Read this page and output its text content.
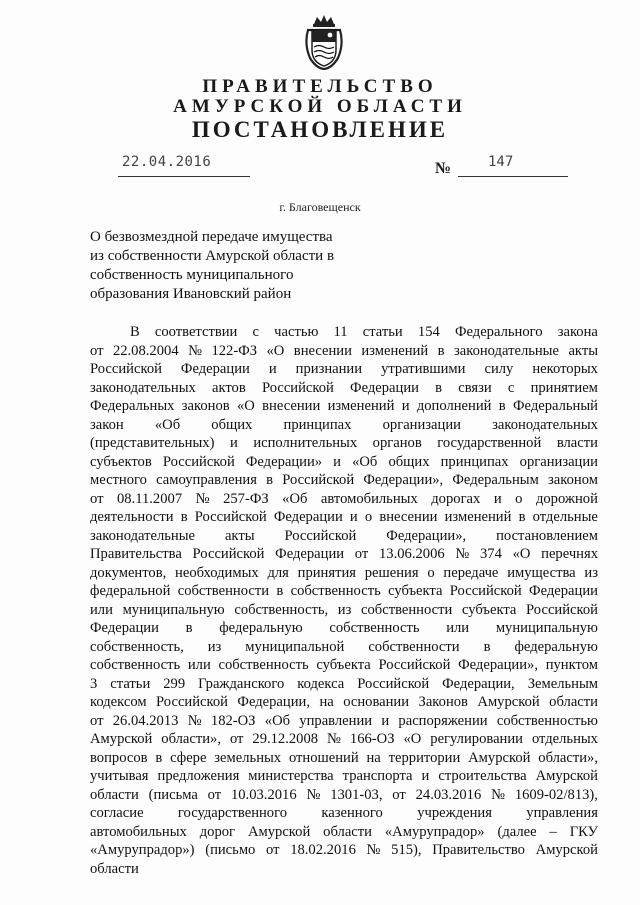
ПРАВИТЕЛЬСТВО
АМУРСКОЙ ОБЛАСТИ
ПОСТАНОВЛЕНИЕ
22.04.2016	№	147
г. Благовещенск
О безвозмездной передаче имущества
из собственности Амурской области в
собственность муниципального
образования Ивановский район
В соответствии с частью 11 статьи 154 Федерального закона
от 22.08.2004 № 122-ФЗ «О внесении изменений в законодательные акты
Российской Федерации и признании утратившими силу некоторых
законодательных актов Российской Федерации в связи с принятием
Федеральных законов «О внесении изменений и дополнений в Федеральный
закон «Об общих принципах организации законодательных
(представительных) и исполнительных органов государственной власти
субъектов Российской Федерации» и «Об общих принципах организации
местного самоуправления в Российской Федерации», Федеральным законом
от 08.11.2007 № 257-ФЗ «Об автомобильных дорогах и о дорожной
деятельности в Российской Федерации и о внесении изменений в отдельные
законодательные акты Российской Федерации», постановлением
Правительства Российской Федерации от 13.06.2006 № 374 «О перечнях
документов, необходимых для принятия решения о передаче имущества из
федеральной собственности в собственность субъекта Российской Федерации
или муниципальную собственность, из собственности субъекта Российской
Федерации в федеральную собственность или муниципальную
собственность, из муниципальной собственности в федеральную
собственность или собственность субъекта Российской Федерации», пунктом
3 статьи 299 Гражданского кодекса Российской Федерации, Земельным
кодексом Российской Федерации, на основании Законов Амурской области
от 26.04.2013 № 182-ОЗ «Об управлении и распоряжении собственностью
Амурской области», от 29.12.2008 № 166-ОЗ «О регулировании отдельных
вопросов в сфере земельных отношений на территории Амурской области»,
учитывая предложения министерства транспорта и строительства Амурской
области (письма от 10.03.2016 № 1301-03, от 24.03.2016 № 1609-02/813),
согласие государственного казенного учреждения управления
автомобильных дорог Амурской области «Амурупрадор» (далее – ГКУ
«Амурупрадор») (письмо от 18.02.2016 № 515), Правительство Амурской
области
